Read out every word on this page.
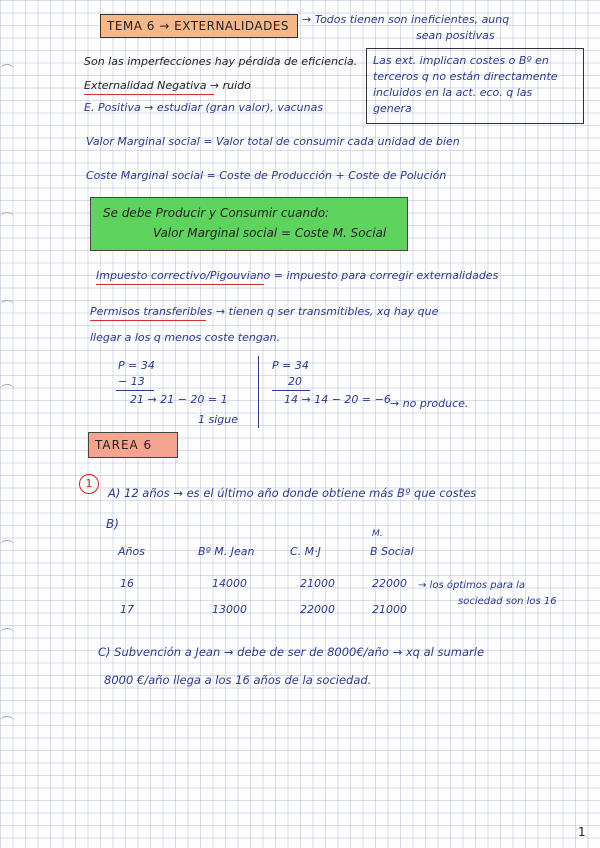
TEMA 6 → EXTERNALIDADES → Todos tienen son ineficientes, aunq
sean positivas
Las ext. implican costes o Bº en
terceros q no están directamente
incluidos en la act. eco. q las
genera
Son las imperfecciones hay pérdida de eficiencia.
Externalidad Negativa → ruido
E. Positiva → estudiar (gran valor), vacunas
Valor Marginal social = Valor total de consumir cada unidad de bien
Coste Marginal social = Coste de Producción + Coste de Polución
Se debe Producir y Consumir cuando:
Valor Marginal social = Coste M. Social
Impuesto correctivo/Pigouviano = impuesto para corregir externalidades
Permisos transferibles → tienen q ser transmitibles, xq hay que
llegar a los q menos coste tengan.
P = 34
− 13
21 → 21 − 20 = 1
1 sigue
P = 34
20
14 → 14 − 20 = −6 → no produce.
TAREA 6
1
A) 12 años → es el último año donde obtiene más Bº que costes
B)
M.
Años	Bº M. Jean	C. M·J	B Social
16	14000	21000	22000
17	13000	22000	21000
→ los óptimos para la
sociedad son los 16
C) Subvención a Jean → debe de ser de 8000€/año → xq al sumarle
8000 €/año llega a los 16 años de la sociedad.
1
